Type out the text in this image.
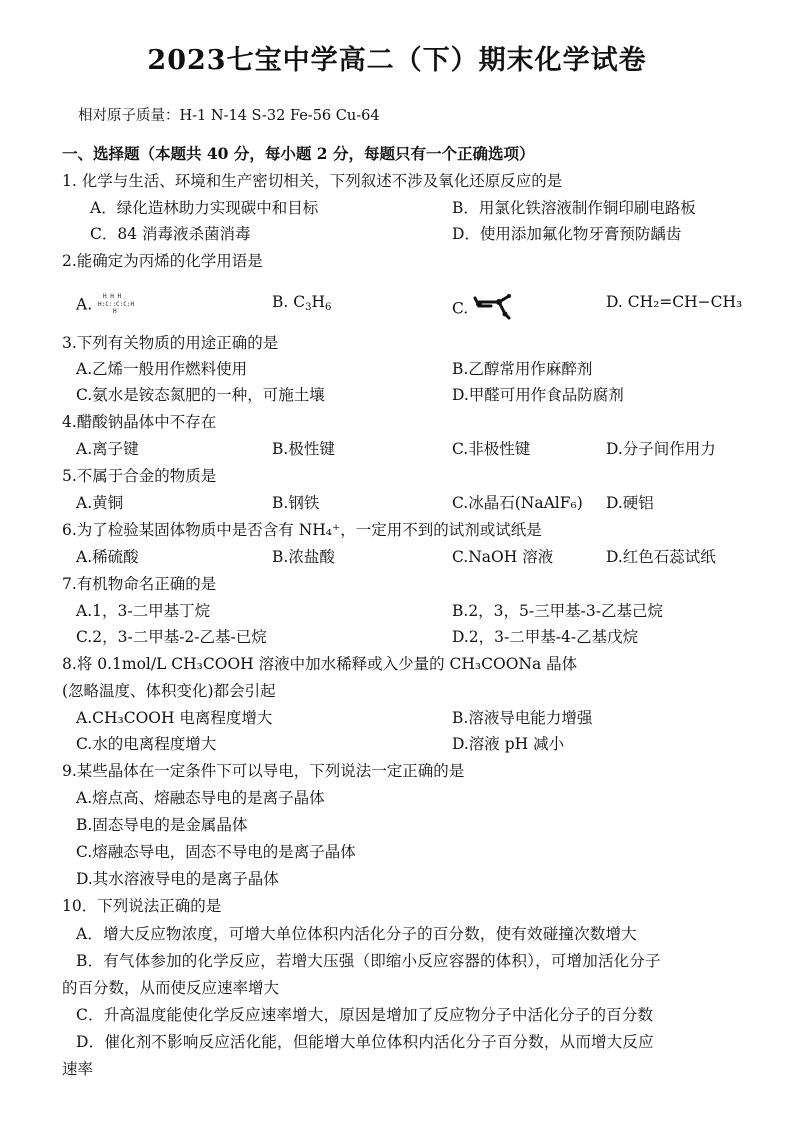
2023七宝中学高二（下）期末化学试卷
相对原子质量：H-1 N-14 S-32 Fe-56 Cu-64
一、选择题（本题共 40 分，每小题 2 分，每题只有一个正确选项）
1. 化学与生活、环境和生产密切相关，下列叙述不涉及氧化还原反应的是
A．绿化造林助力实现碳中和目标	B．用氯化铁溶液制作铜印刷电路板
C．84 消毒液杀菌消毒	D．使用添加氟化物牙膏预防龋齿
2.能确定为丙烯的化学用语是
A. H H H
H:C::C:C:H
H
B. $C_3H_6$	C.	D. CH₂=CH−CH₃
3.下列有关物质的用途正确的是
A.乙烯一般用作燃料使用	B.乙醇常用作麻醉剂
C.氨水是铵态氮肥的一种，可施土壤	D.甲醛可用作食品防腐剂
4.醋酸钠晶体中不存在
A.离子键	B.极性键	C.非极性键	D.分子间作用力
5.不属于合金的物质是
A.黄铜	B.钢铁	C.冰晶石(NaAlF₆) D.硬铝
6.为了检验某固体物质中是否含有 NH₄⁺，一定用不到的试剂或试纸是
A.稀硫酸	B.浓盐酸	C.NaOH 溶液	D.红色石蕊试纸
7.有机物命名正确的是
A.1，3-二甲基丁烷	B.2，3，5-三甲基-3-乙基己烷
C.2，3-二甲基-2-乙基-已烷	D.2，3-二甲基-4-乙基戊烷
8.将 0.1mol/L CH₃COOH 溶液中加水稀释或入少量的 CH₃COONa 晶体
(忽略温度、体积变化)都会引起
A.CH₃COOH 电离程度增大	B.溶液导电能力增强
C.水的电离程度增大	D.溶液 pH 减小
9.某些晶体在一定条件下可以导电，下列说法一定正确的是
A.熔点高、熔融态导电的是离子晶体
B.固态导电的是金属晶体
C.熔融态导电，固态不导电的是离子晶体
D.其水溶液导电的是离子晶体
10．下列说法正确的是
A．增大反应物浓度，可增大单位体积内活化分子的百分数，使有效碰撞次数增大
B．有气体参加的化学反应，若增大压强（即缩小反应容器的体积），可增加活化分子
的百分数，从而使反应速率增大
C．升高温度能使化学反应速率增大，原因是增加了反应物分子中活化分子的百分数
D．催化剂不影响反应活化能，但能增大单位体积内活化分子百分数，从而增大反应
速率
